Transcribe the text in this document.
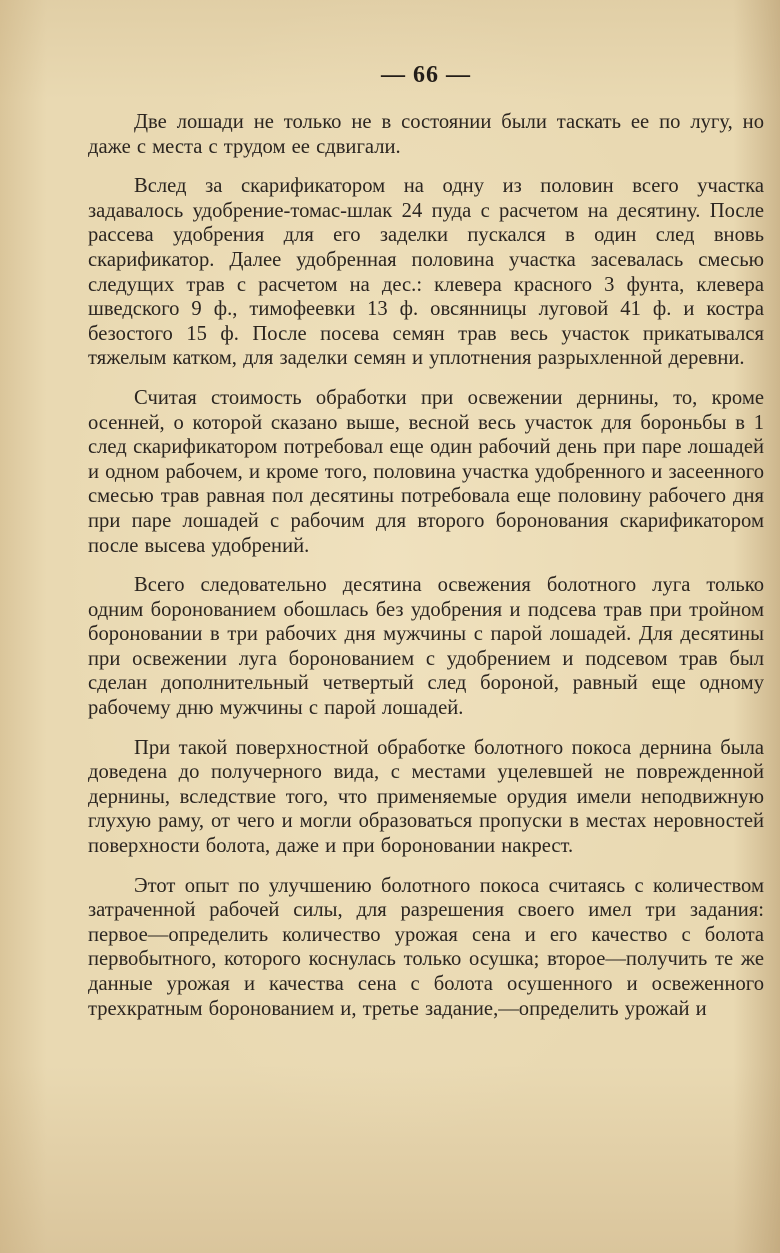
— 66 —

Две лошади не только не в состоянии были таскать ее по лугу, но даже с места с трудом ее сдвигали.

Вслед за скарификатором на одну из половин всего участка задавалось удобрение-томас-шлак 24 пуда с расчетом на десятину. После рассева удобрения для его заделки пускался в один след вновь скарификатор. Далее удобренная половина участка засевалась смесью следущих трав с расчетом на дес.: клевера красного 3 фунта, клевера шведского 9 ф., тимофеевки 13 ф. овсянницы луговой 41 ф. и костра безостого 15 ф. После посева семян трав весь участок прикатывался тяжелым катком, для заделки семян и уплотнения разрыхленной деревни.

Считая стоимость обработки при освежении дернины, то, кроме осенней, о которой сказано выше, весной весь участок для бороньбы в 1 след скарификатором потребовал еще один рабочий день при паре лошадей и одном рабочем, и кроме того, половина участка удобренного и засеенного смесью трав равная пол десятины потребовала еще половину рабочего дня при паре лошадей с рабочим для второго боронования скарификатором после высева удобрений.

Всего следовательно десятина освежения болотного луга только одним боронованием обошлась без удобрения и подсева трав при тройном бороновании в три рабочих дня мужчины с парой лошадей. Для десятины при освежении луга боронованием с удобрением и подсевом трав был сделан дополнительный четвертый след бороной, равный еще одному рабочему дню мужчины с парой лошадей.

При такой поверхностной обработке болотного покоса дернина была доведена до получерного вида, с местами уцелевшей не поврежденной дернины, вследствие того, что применяемые орудия имели неподвижную глухую раму, от чего и могли образоваться пропуски в местах неровностей поверхности болота, даже и при бороновании накрест.

Этот опыт по улучшению болотного покоса считаясь с количеством затраченной рабочей силы, для разрешения своего имел три задания: первое—определить количество урожая сена и его качество с болота первобытного, которого коснулась только осушка; второе—получить те же данные урожая и качества сена с болота осушенного и освеженного трехкратным боронованием и, третье задание,—определить урожай и
